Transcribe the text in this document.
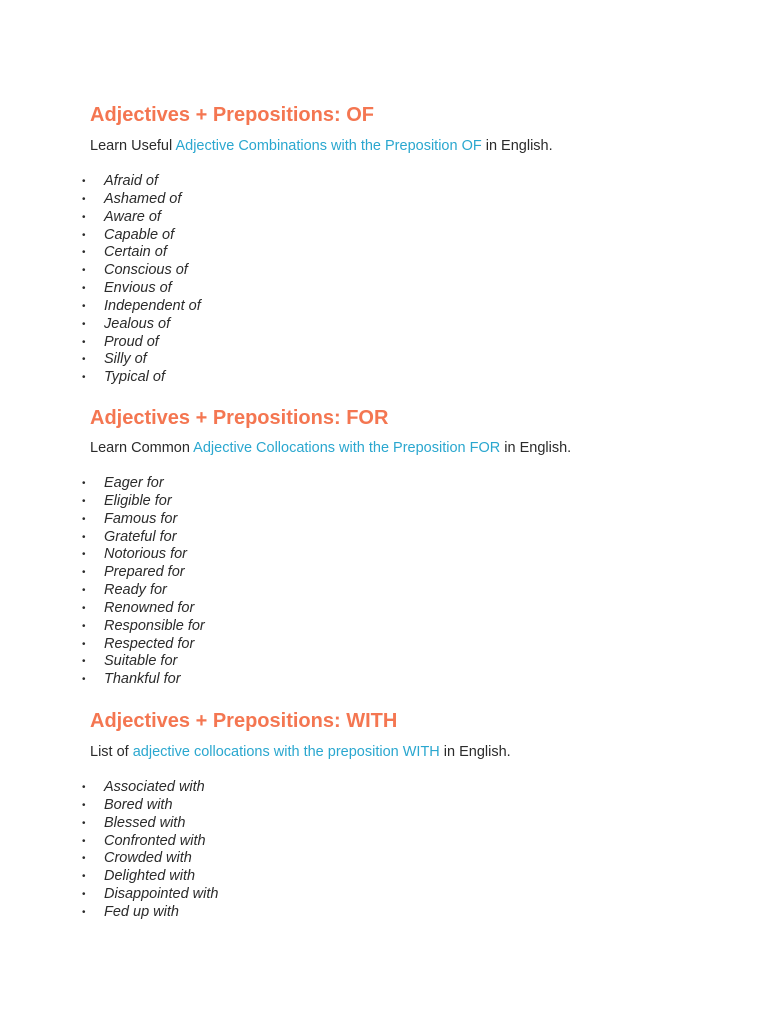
Adjectives + Prepositions: OF

Learn Useful Adjective Combinations with the Preposition OF in English.

• Afraid of
• Ashamed of
• Aware of
• Capable of
• Certain of
• Conscious of
• Envious of
• Independent of
• Jealous of
• Proud of
• Silly of
• Typical of
Adjectives + Prepositions: FOR

Learn Common Adjective Collocations with the Preposition FOR in English.

• Eager for
• Eligible for
• Famous for
• Grateful for
• Notorious for
• Prepared for
• Ready for
• Renowned for
• Responsible for
• Respected for
• Suitable for
• Thankful for
Adjectives + Prepositions: WITH

List of adjective collocations with the preposition WITH in English.

• Associated with
• Bored with
• Blessed with
• Confronted with
• Crowded with
• Delighted with
• Disappointed with
• Fed up with
